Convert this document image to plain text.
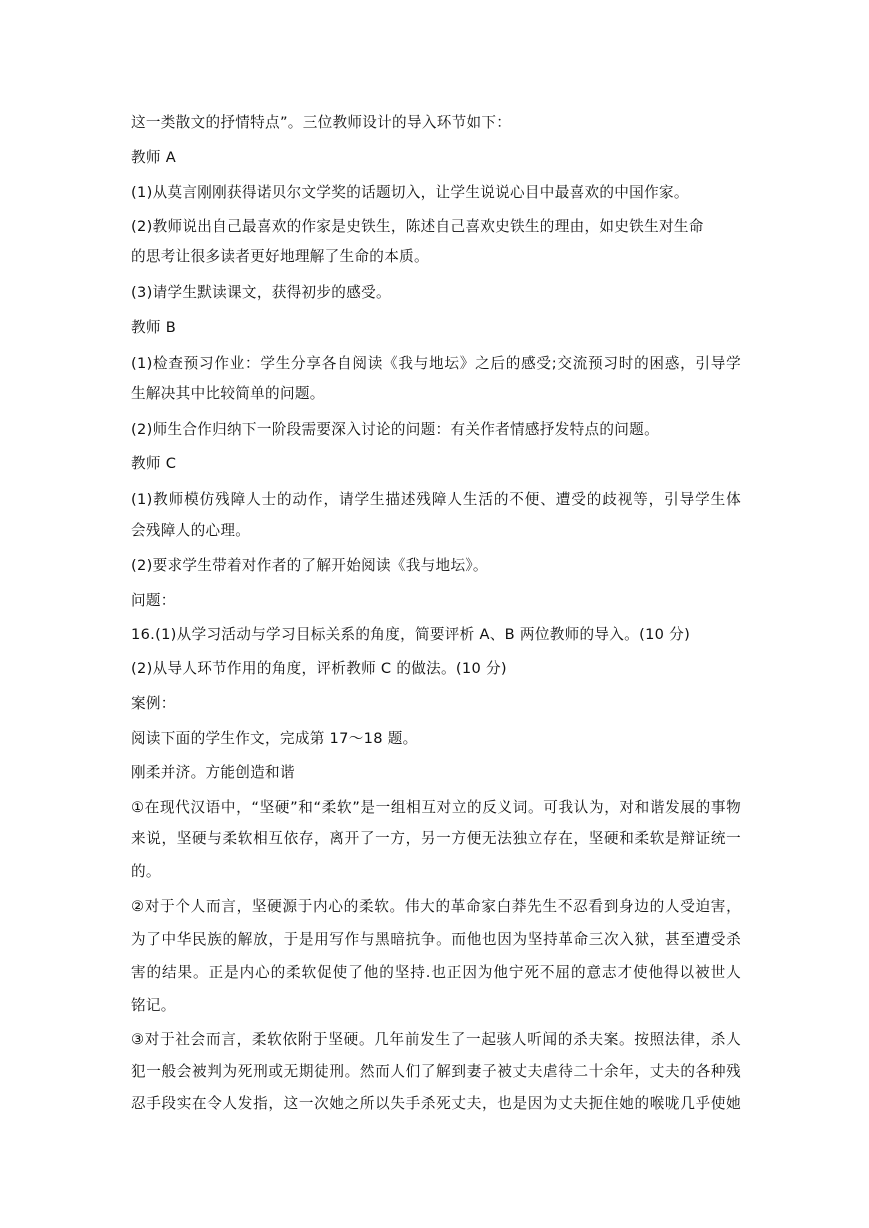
这一类散文的抒情特点”。三位教师设计的导入环节如下：
教师 A
(1)从莫言刚刚获得诺贝尔文学奖的话题切入，让学生说说心目中最喜欢的中国作家。
(2)教师说出自己最喜欢的作家是史铁生，陈述自己喜欢史铁生的理由，如史铁生对生命
的思考让很多读者更好地理解了生命的本质。
(3)请学生默读课文，获得初步的感受。
教师 B
(1)检查预习作业：学生分享各自阅读《我与地坛》之后的感受;交流预习时的困惑，引导学
生解决其中比较简单的问题。
(2)师生合作归纳下一阶段需要深入讨论的问题：有关作者情感抒发特点的问题。
教师 C
(1)教师模仿残障人士的动作，请学生描述残障人生活的不便、遭受的歧视等，引导学生体
会残障人的心理。
(2)要求学生带着对作者的了解开始阅读《我与地坛》。
问题：
16.(1)从学习活动与学习目标关系的角度，简要评析 A、B 两位教师的导入。(10 分)
(2)从导人环节作用的角度，评析教师 C 的做法。(10 分)
案例：
阅读下面的学生作文，完成第 17～18 题。
刚柔并济。方能创造和谐
①在现代汉语中，“坚硬”和“柔软”是一组相互对立的反义词。可我认为，对和谐发展的事物
来说，坚硬与柔软相互依存，离开了一方，另一方便无法独立存在，坚硬和柔软是辩证统一
的。
②对于个人而言，坚硬源于内心的柔软。伟大的革命家白莽先生不忍看到身边的人受迫害，
为了中华民族的解放，于是用写作与黑暗抗争。而他也因为坚持革命三次入狱，甚至遭受杀
害的结果。正是内心的柔软促使了他的坚持.也正因为他宁死不屈的意志才使他得以被世人
铭记。
③对于社会而言，柔软依附于坚硬。几年前发生了一起骇人听闻的杀夫案。按照法律，杀人
犯一般会被判为死刑或无期徒刑。然而人们了解到妻子被丈夫虐待二十余年，丈夫的各种残
忍手段实在令人发指，这一次她之所以失手杀死丈夫，也是因为丈夫扼住她的喉咙几乎使她
